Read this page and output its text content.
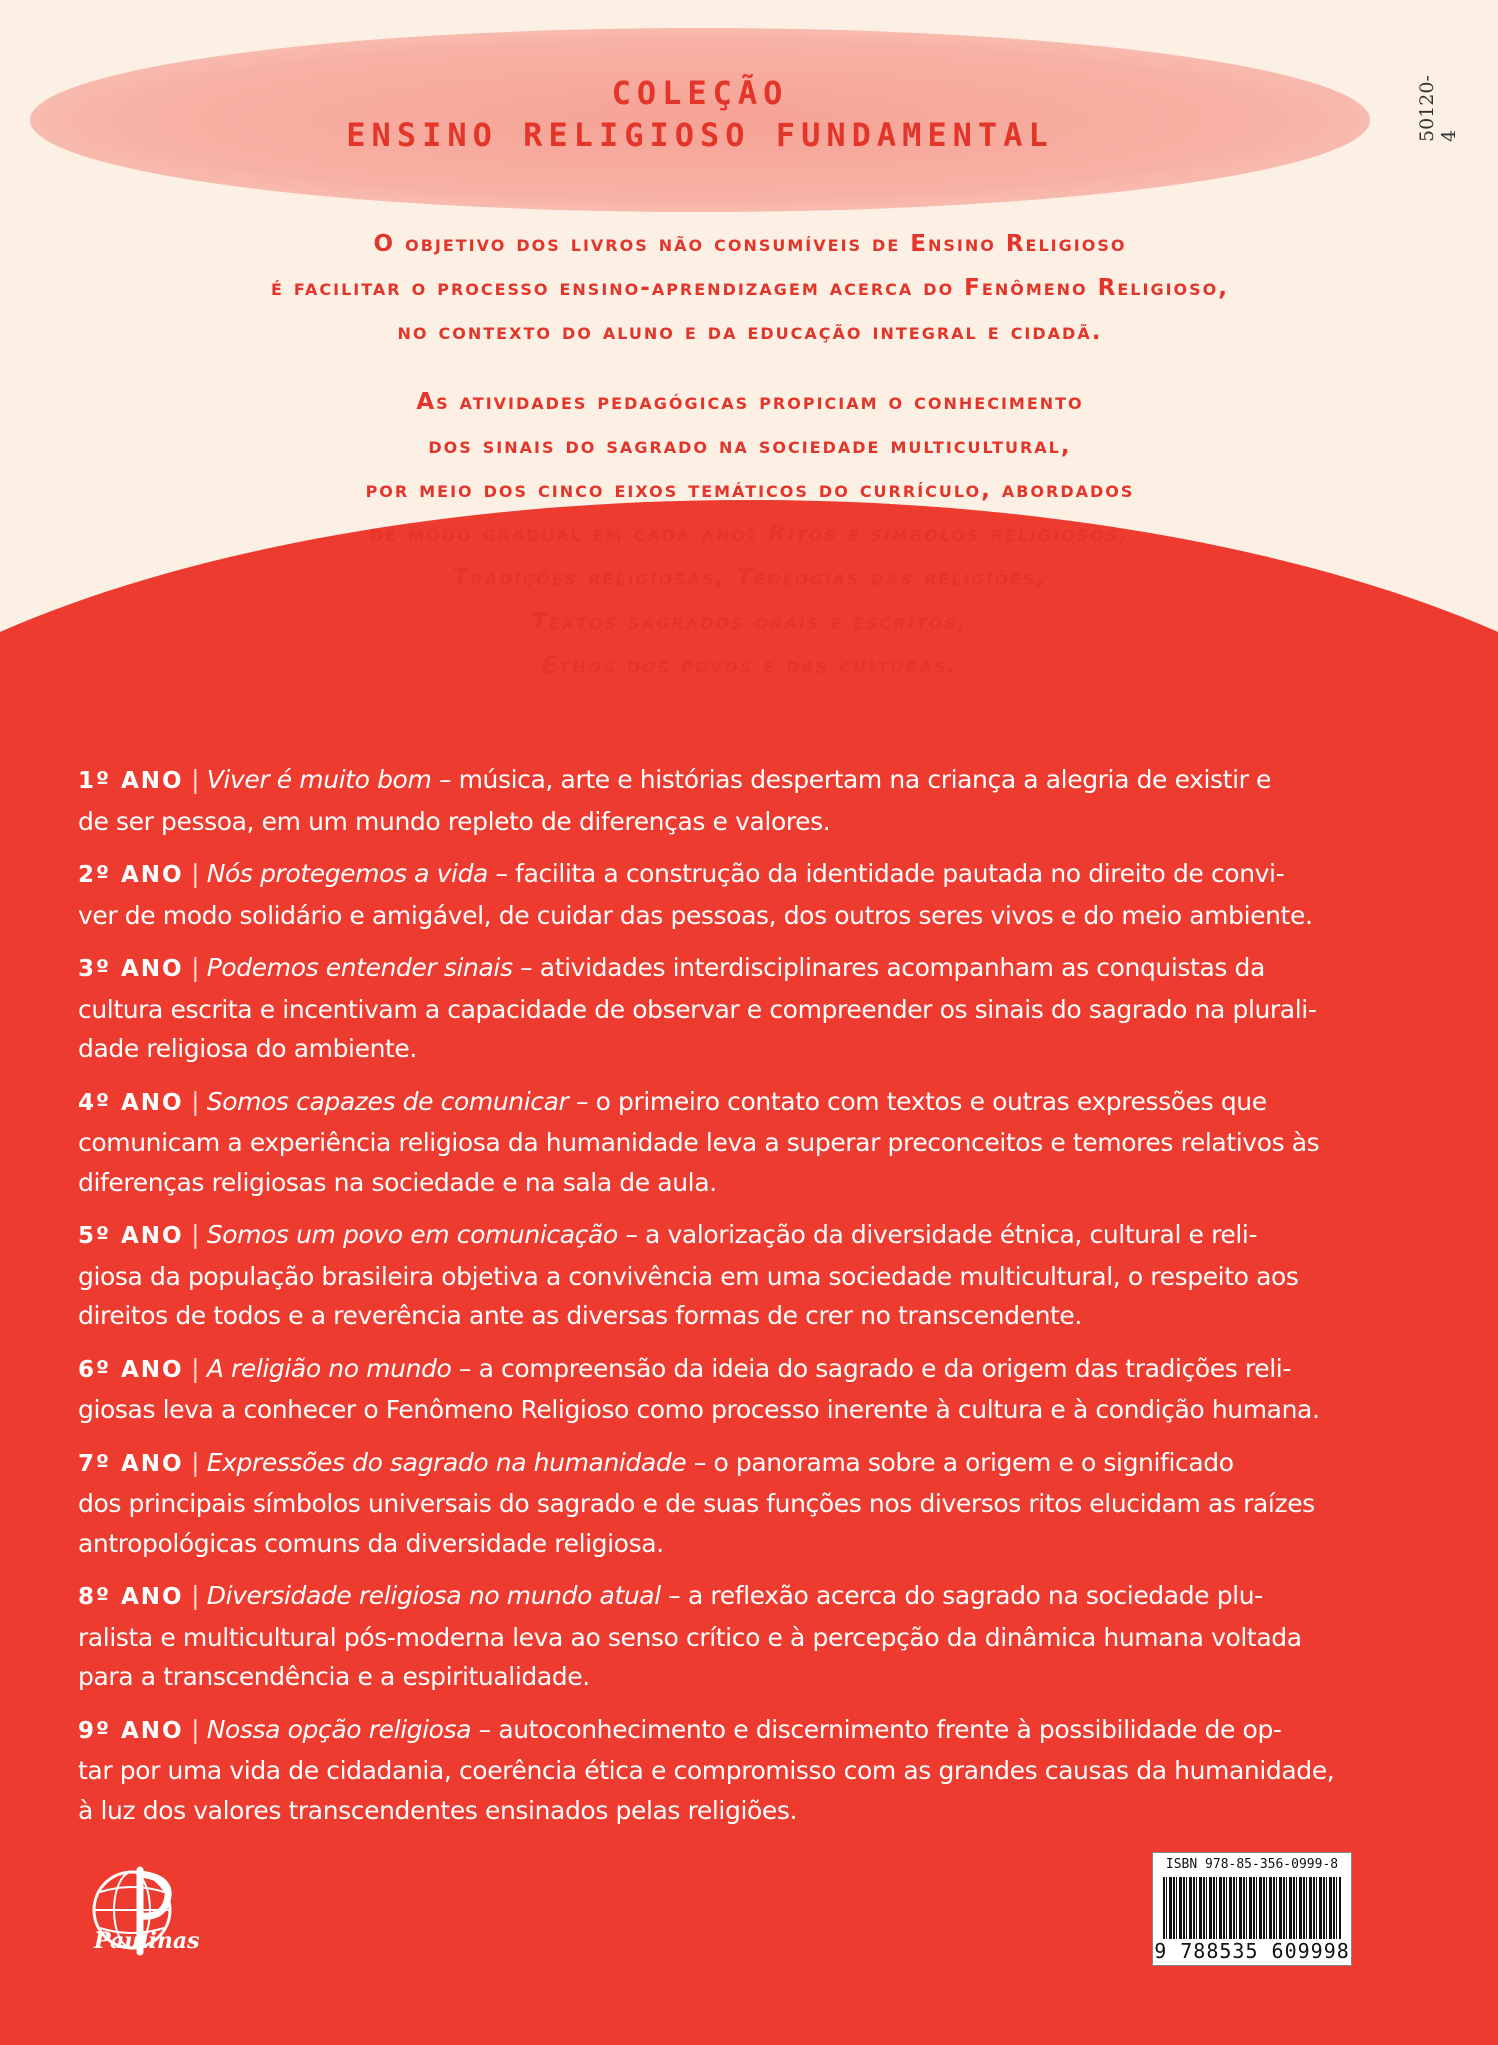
COLEÇÃO
ENSINO RELIGIOSO FUNDAMENTAL	50120-4

O objetivo dos livros não consumíveis de Ensino Religioso

é facilitar o processo ensino-aprendizagem acerca do Fenômeno Religioso,

no contexto do aluno e da educação integral e cidadã.

As atividades pedagógicas propiciam o conhecimento

dos sinais do sagrado na sociedade multicultural,

por meio dos cinco eixos temáticos do currículo, abordados

de modo gradual em cada ano: Ritos e símbolos religiosos,

Tradições religiosas, Teologias das religiões,

Textos sagrados orais e escritos,

Ethos dos povos e das culturas.

1º ANO | Viver é muito bom – música, arte e histórias despertam na criança a alegria de existir e
de ser pessoa, em um mundo repleto de diferenças e valores.
2º ANO | Nós protegemos a vida – facilita a construção da identidade pautada no direito de convi-
ver de modo solidário e amigável, de cuidar das pessoas, dos outros seres vivos e do meio ambiente.
3º ANO | Podemos entender sinais – atividades interdisciplinares acompanham as conquistas da
cultura escrita e incentivam a capacidade de observar e compreender os sinais do sagrado na plurali-
dade religiosa do ambiente.
4º ANO | Somos capazes de comunicar – o primeiro contato com textos e outras expressões que
comunicam a experiência religiosa da humanidade leva a superar preconceitos e temores relativos às
diferenças religiosas na sociedade e na sala de aula.
5º ANO | Somos um povo em comunicação – a valorização da diversidade étnica, cultural e reli-
giosa da população brasileira objetiva a convivência em uma sociedade multicultural, o respeito aos
direitos de todos e a reverência ante as diversas formas de crer no transcendente.
6º ANO | A religião no mundo – a compreensão da ideia do sagrado e da origem das tradições reli-
giosas leva a conhecer o Fenômeno Religioso como processo inerente à cultura e à condição humana.
7º ANO | Expressões do sagrado na humanidade – o panorama sobre a origem e o significado
dos principais símbolos universais do sagrado e de suas funções nos diversos ritos elucidam as raízes
antropológicas comuns da diversidade religiosa.
8º ANO | Diversidade religiosa no mundo atual – a reflexão acerca do sagrado na sociedade plu-
ralista e multicultural pós-moderna leva ao senso crítico e à percepção da dinâmica humana voltada
para a transcendência e a espiritualidade.
9º ANO | Nossa opção religiosa – autoconhecimento e discernimento frente à possibilidade de op-
tar por uma vida de cidadania, coerência ética e compromisso com as grandes causas da humanidade,
à luz dos valores transcendentes ensinados pelas religiões.
Paulinas
ISBN 978-85-356-0999-8
9 788535 609998
